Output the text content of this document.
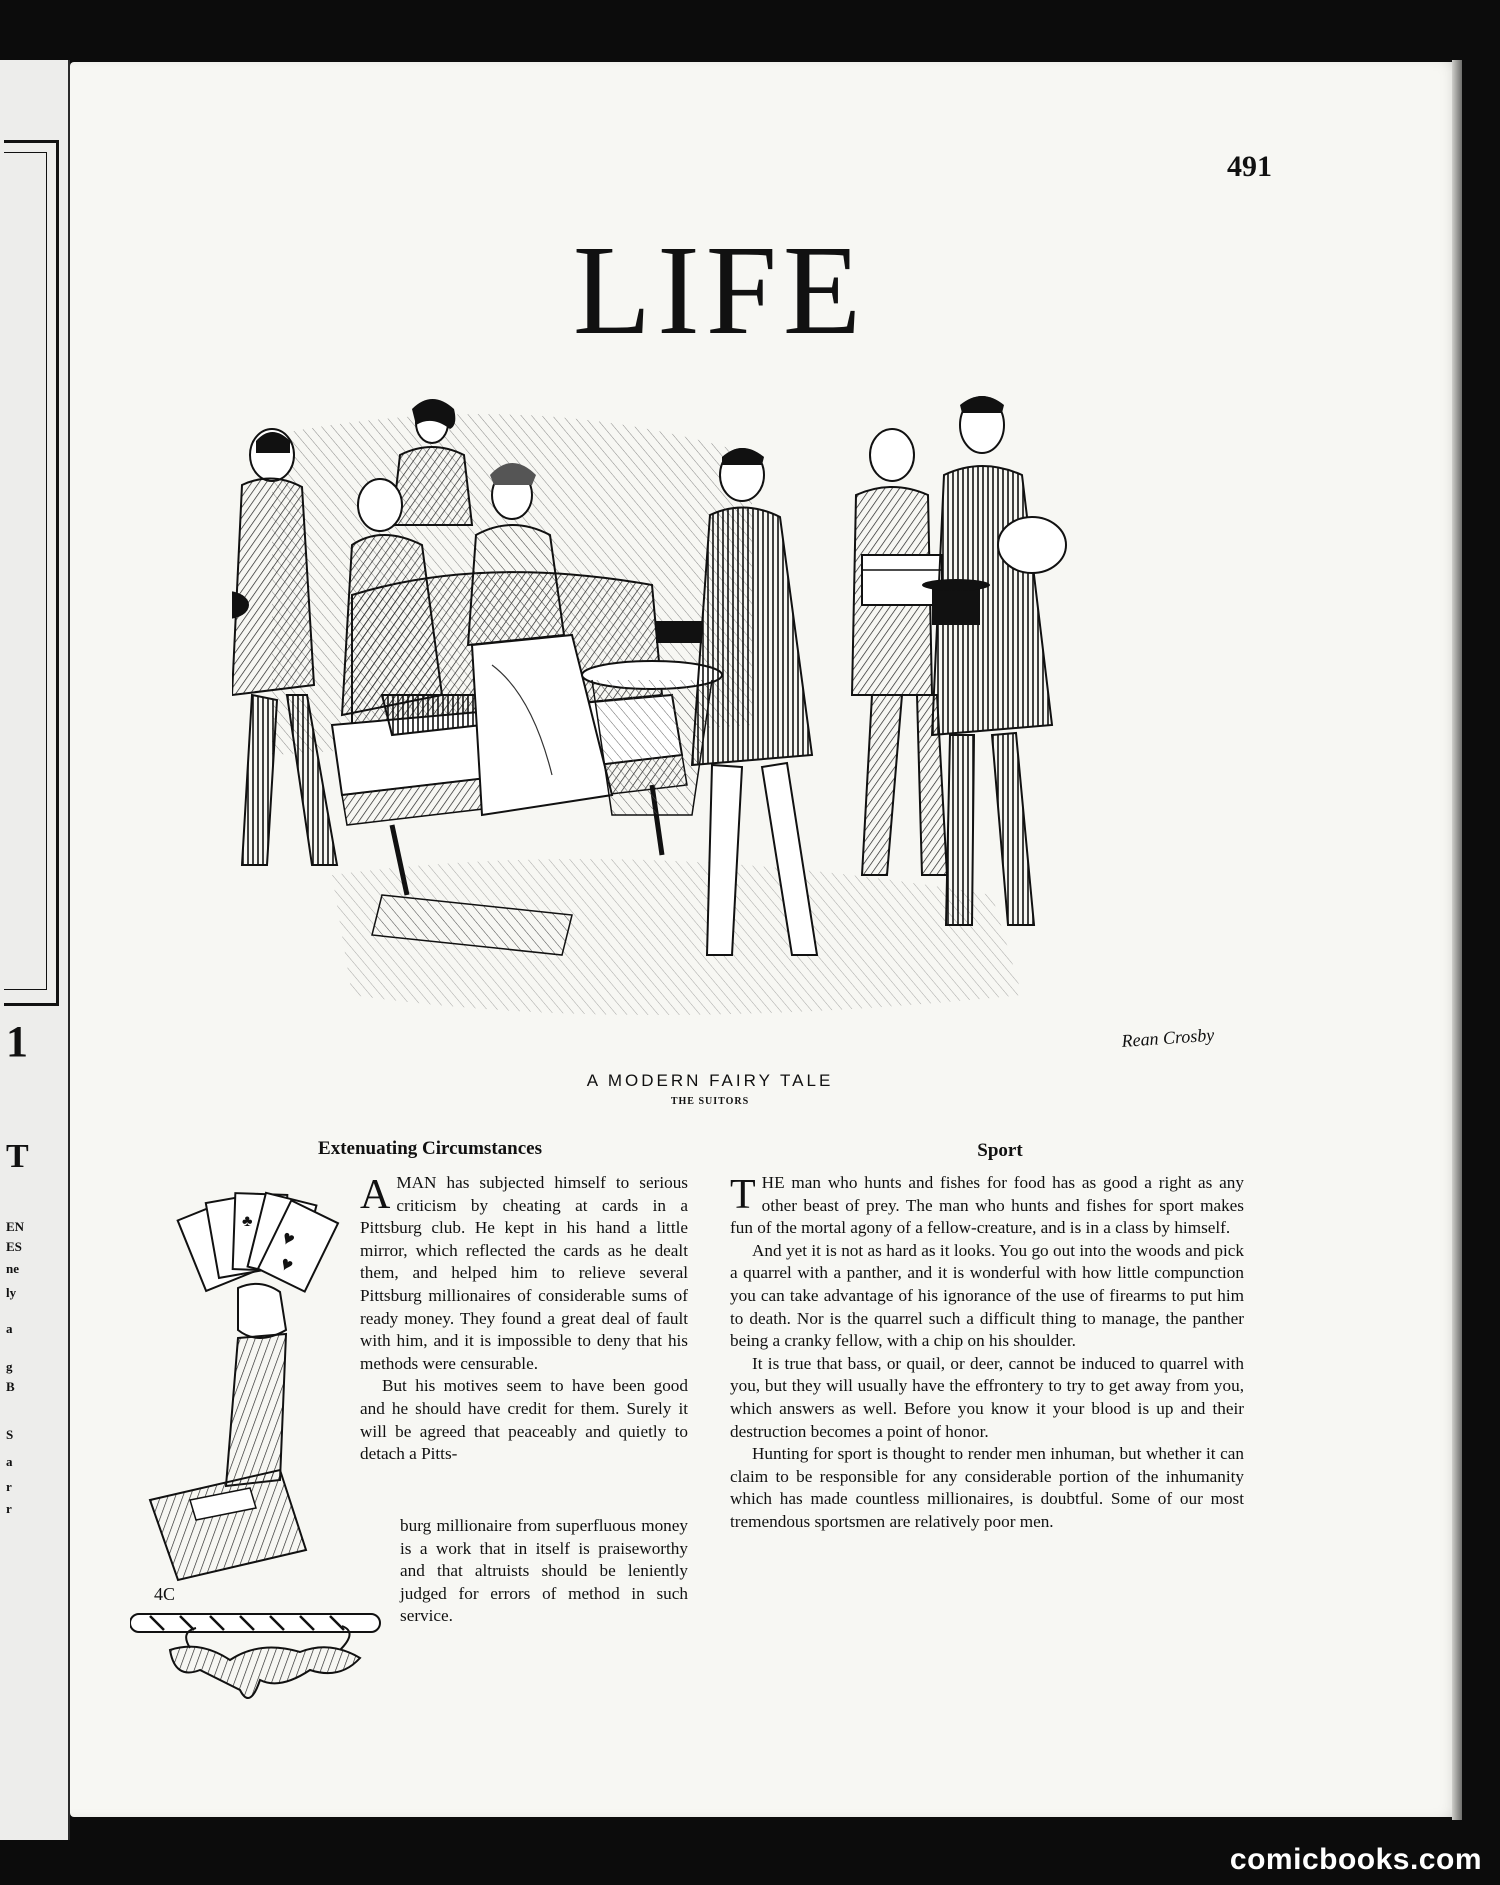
1
T
EN
ES
ne
ly
a
g
B
S
a
r
r
491
LIFE
Rean Crosby
A MODERN FAIRY TALE
THE SUITORS
Extenuating Circumstances	Sport

AMAN has subjected himself to serious criticism by cheating at cards in a Pittsburg club. He kept in his hand a little mirror, which reflected the cards as he dealt them, and helped him to relieve several Pittsburg millionaires of considerable sums of ready money. They found a great deal of fault with him, and it is impossible to deny that his methods were censurable.

But his motives seem to have been good and he should have credit for them. Surely it will be agreed that peaceably and quietly to detach a Pitts-

burg millionaire from superfluous money is a work that in itself is praiseworthy and that altruists should be leniently judged for errors of method in such service.

THE man who hunts and fishes for food has as good a right as any other beast of prey. The man who hunts and fishes for sport makes fun of the mortal agony of a fellow-creature, and is in a class by himself.

And yet it is not as hard as it looks. You go out into the woods and pick a quarrel with a panther, and it is wonderful with how little compunction you can take advantage of his ignorance of the use of firearms to put him to death. Nor is the quarrel such a difficult thing to manage, the panther being a cranky fellow, with a chip on his shoulder.

It is true that bass, or quail, or deer, cannot be induced to quarrel with you, but they will usually have the effrontery to try to get away from you, which answers as well. Before you know it your blood is up and their destruction becomes a point of honor.

Hunting for sport is thought to render men inhuman, but whether it can claim to be responsible for any considerable portion of the inhumanity which has made countless millionaires, is doubtful. Some of our most tremendous sportsmen are relatively poor men.

♥
♥
♣
4C
comicbooks.com
